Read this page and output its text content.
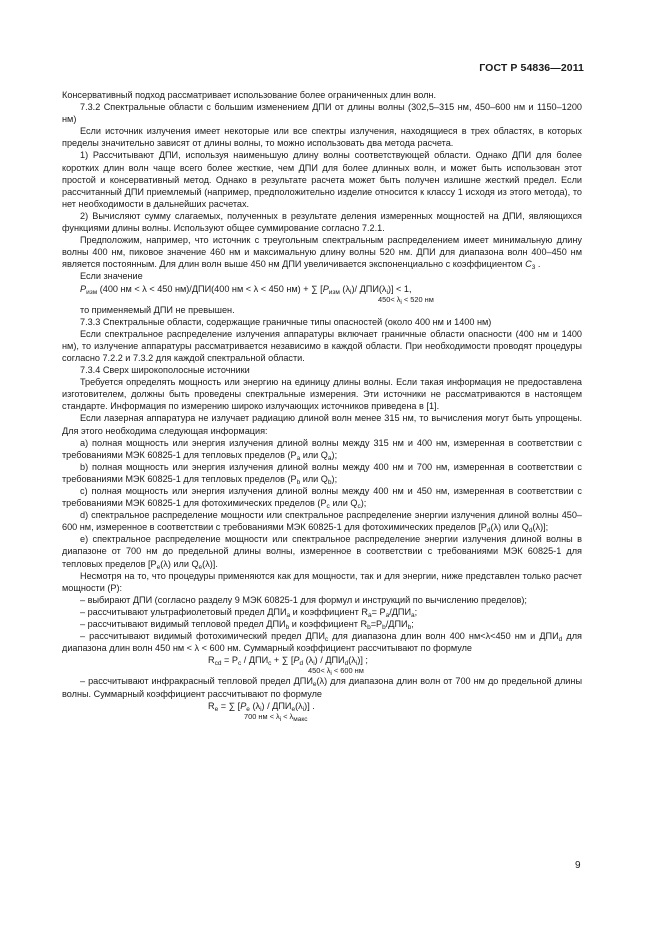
ГОСТ Р 54836—2011

Консервативный подход рассматривает использование более ограниченных длин волн.

7.3.2 Спектральные области с большим изменением ДПИ от длины волны (302,5–315 нм, 450–600 нм и 1150–1200 нм)

Если источник излучения имеет некоторые или все спектры излучения, находящиеся в трех областях, в которых пределы значительно зависят от длины волны, то можно использовать два метода расчета.

1) Рассчитывают ДПИ, используя наименьшую длину волны соответствующей области. Однако ДПИ для более коротких длин волн чаще всего более жесткие, чем ДПИ для более длинных волн, и может быть использован этот простой и консервативный метод. Однако в результате расчета может быть получен излишне жесткий предел. Если рассчитанный ДПИ приемлемый (например, предположительно изделие относится к классу 1 исходя из этого метода), то нет необходимости в дальнейших расчетах.

2) Вычисляют сумму слагаемых, полученных в результате деления измеренных мощностей на ДПИ, являющихся функциями длины волны. Используют общее суммирование согласно 7.2.1.

Предположим, например, что источник с треугольным спектральным распределением имеет минимальную длину волны 400 нм, пиковое значение 460 нм и максимальную длину волны 520 нм. ДПИ для диапазона волн 400–450 нм является постоянным. Для длин волн выше 450 нм ДПИ увеличивается экспоненциально с коэффициентом $C_3$ .

Если значение

$P_{изм}$ (400 нм < λ < 450 нм)/ДПИ(400 нм < λ < 450 нм) + ∑ [$P_{изм}$ $(\lambda_i)/$ $ДПИ(\lambda_i)] < 1$,

$450< \lambda_i < 520$ нм

то применяемый ДПИ не превышен.

7.3.3 Спектральные области, содержащие граничные типы опасностей (около 400 нм и 1400 нм)

Если спектральное распределение излучения аппаратуры включает граничные области опасности (400 нм и 1400 нм), то излучение аппаратуры рассматривается независимо в каждой области. При необходимости проводят процедуры согласно 7.2.2 и 7.3.2 для каждой спектральной области.

7.3.4 Сверх широкополосные источники

Требуется определять мощность или энергию на единицу длины волны. Если такая информация не предоставлена изготовителем, должны быть проведены спектральные измерения. Эти источники не рассматриваются в настоящем стандарте. Информация по измерению широко излучающих источников приведена в [1].

Если лазерная аппаратура не излучает радиацию длиной волн менее 315 нм, то вычисления могут быть упрощены. Для этого необходима следующая информация:

а) полная мощность или энергия излучения длиной волны между 315 нм и 400 нм, измеренная в соответствии с требованиями МЭК 60825-1 для тепловых пределов ($Р_а$ или $Q_а$);

b) полная мощность или энергия излучения длиной волны между 400 нм и 700 нм, измеренная в соответствии с требованиями МЭК 60825-1 для тепловых пределов ($Р_b$ или $Q_b$);

с) полная мощность или энергия излучения длиной волны между 400 нм и 450 нм, измеренная в соответствии с требованиями МЭК 60825-1 для фотохимических пределов ($Р_c$ или $Q_c$);

d) спектральное распределение мощности или спектральное распределение энергии излучения длиной волны 450–600 нм, измеренное в соответствии с требованиями МЭК 60825-1 для фотохимических пределов [$Р_d(\lambda)$ или $Q_d(\lambda)$];

е) спектральное распределение мощности или спектральное распределение энергии излучения длиной волны в диапазоне от 700 нм до предельной длины волны, измеренное в соответствии с требованиями МЭК 60825-1 для тепловых пределов [$Р_е(\lambda)$ или $Q_е(\lambda)$].

Несмотря на то, что процедуры применяются как для мощности, так и для энергии, ниже представлен только расчет мощности (Р):

– выбирают ДПИ (согласно разделу 9 МЭК 60825-1 для формул и инструкций по вычислению пределов);

– рассчитывают ультрафиолетовый предел $ДПИ_а$ и коэффициент $R_а= Р_а/ДПИ_а$;

– рассчитывают видимый тепловой предел $ДПИ_b$ и коэффициент $R_b=Р_b/ДПИ_b$;

– рассчитывают видимый фотохимический предел $ДПИ_c$ для диапазона длин волн 400 нм<λ<450 нм и $ДПИ_d$ для диапазона длин волн 450 нм < λ < 600 нм. Суммарный коэффициент рассчитывают по формуле

$R_{cd} = Р_c / ДПИ_c$ + ∑ [$P_d$ $(\lambda_i) / ДПИ_d(\lambda_i)$] ;

$450< \lambda_i < 600$ нм

– рассчитывают инфракрасный тепловой предел $ДПИ_е(\lambda)$ для диапазона длин волн от 700 нм до предельной длины волны. Суммарный коэффициент рассчитывают по формуле

$R_е$ = ∑ [$P_е$ $(\lambda_i) / ДПИ_е(\lambda_i)$] .

700 нм < $\lambda_i < \lambda_{макс}$

9
